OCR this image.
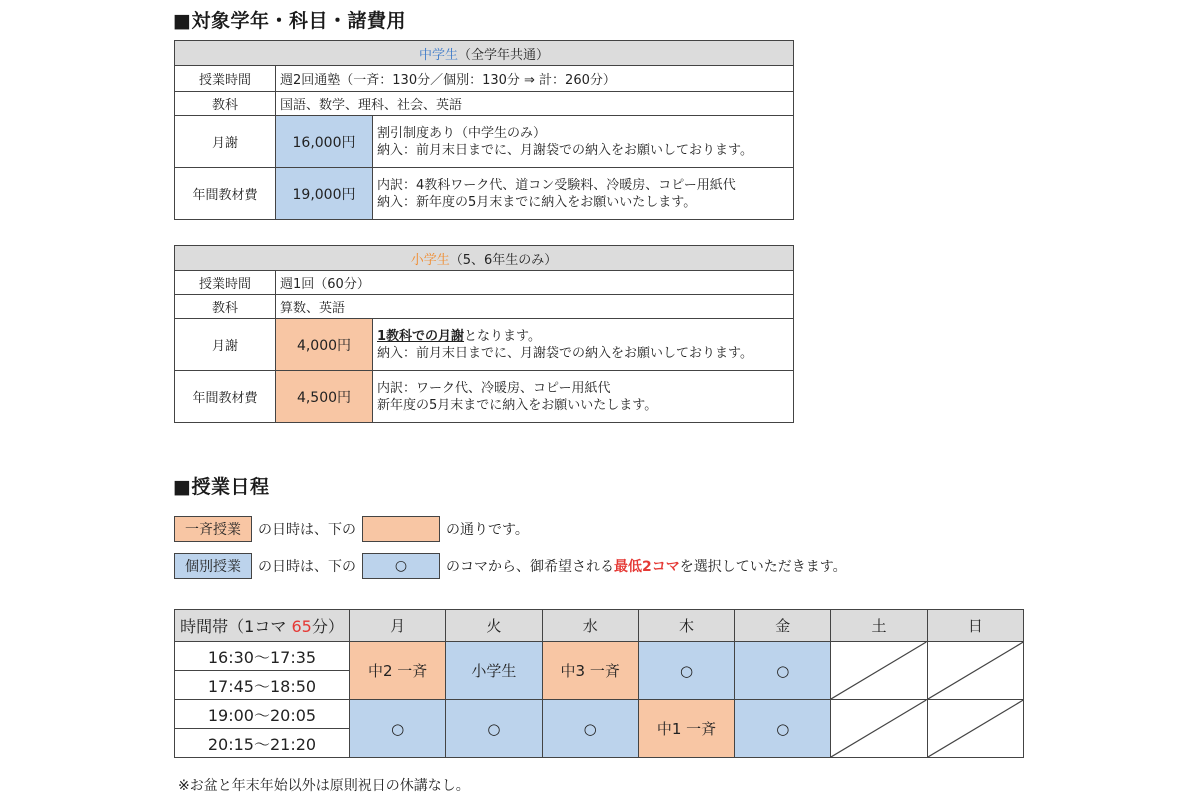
■対象学年・科目・諸費用
中学生（全学年共通）		
授業時間	週2回通塾（一斉：130分／個別：130分 ⇒ 計：260分）	
教科	国語、数学、理科、社会、英語	
月謝	16,000円	割引制度あり（中学生のみ）
納入：前月末日までに、月謝袋での納入をお願いしております。

年間教材費	19,000円	内訳：4教科ワーク代、道コン受験料、冷暖房、コピー用紙代
納入：新年度の5月末までに納入をお願いいたします。
小学生（5、6年生のみ）		
授業時間	週1回（60分）	
教科	算数、英語	
月謝	4,000円	1教科での月謝となります。
納入：前月末日までに、月謝袋での納入をお願いしております。

年間教材費	4,500円	内訳：ワーク代、冷暖房、コピー用紙代
新年度の5月末までに納入をお願いいたします。
■授業日程
一斉授業	の日時は、下の	の通りです。
個別授業	の日時は、下の	○	のコマから、御希望される 最低2コマ を選択していただきます。
時間帯（1コマ 65分）	月	火	水	木	金	土	日
16:30〜17:35	中2 一斉	小学生	中3 一斉	○	○	

17:45〜18:50							
19:00〜20:05	○	○	○	中1 一斉	○	

20:15〜21:20							
※お盆と年末年始以外は原則祝日の休講なし。
